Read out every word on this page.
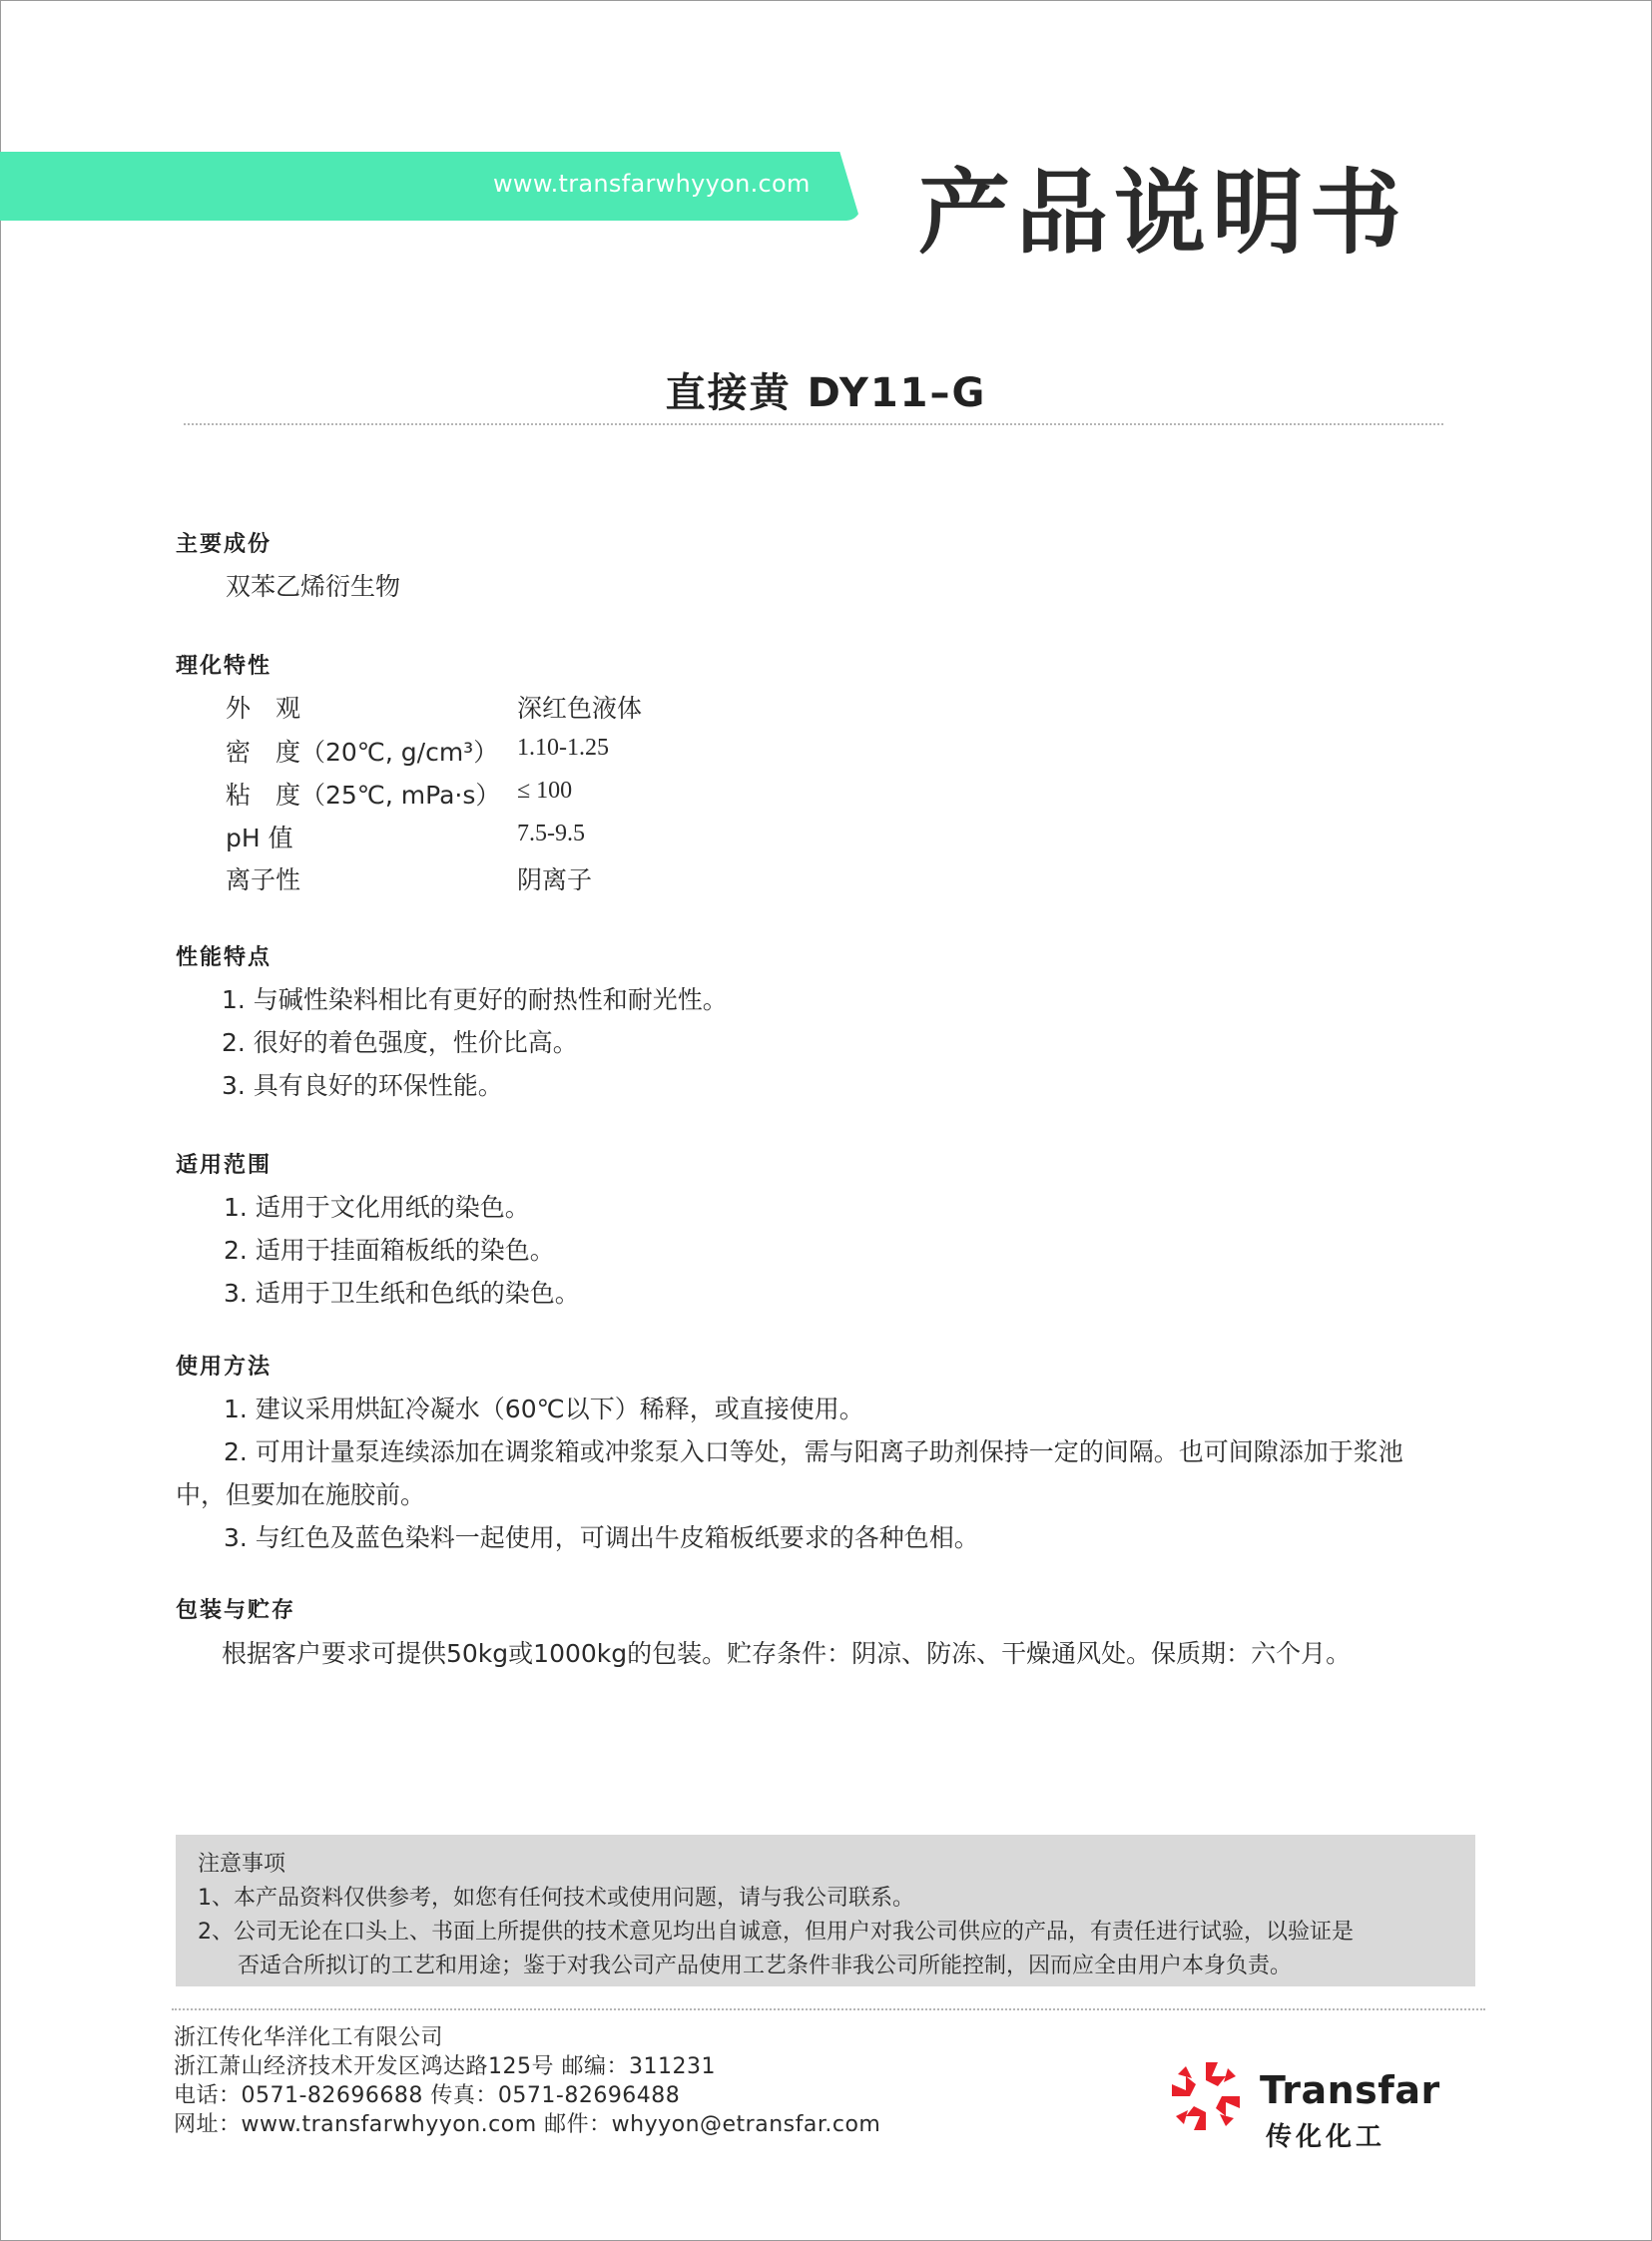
www.transfarwhyyon.com 产品说明书
直接黄 DY11–G
主要成份
双苯乙烯衍生物
理化特性
外　观	深红色液体
密　度（20℃, g/cm³） 1.10-1.25
粘　度（25℃, mPa·s） ≤ 100
pH 值	7.5-9.5
离子性	阴离子
性能特点
1. 与碱性染料相比有更好的耐热性和耐光性。
2. 很好的着色强度，性价比高。
3. 具有良好的环保性能。
适用范围
1. 适用于文化用纸的染色。
2. 适用于挂面箱板纸的染色。
3. 适用于卫生纸和色纸的染色。
使用方法
1. 建议采用烘缸冷凝水（60℃以下）稀释，或直接使用。
2. 可用计量泵连续添加在调浆箱或冲浆泵入口等处，需与阳离子助剂保持一定的间隔。也可间隙添加于浆池
中，但要加在施胶前。
3. 与红色及蓝色染料一起使用，可调出牛皮箱板纸要求的各种色相。
包装与贮存
根据客户要求可提供50kg或1000kg的包装。贮存条件：阴凉、防冻、干燥通风处。保质期：六个月。
注意事项
1、本产品资料仅供参考，如您有任何技术或使用问题，请与我公司联系。
2、公司无论在口头上、书面上所提供的技术意见均出自诚意，但用户对我公司供应的产品，有责任进行试验，以验证是
否适合所拟订的工艺和用途；鉴于对我公司产品使用工艺条件非我公司所能控制，因而应全由用户本身负责。
浙江传化华洋化工有限公司
浙江萧山经济技术开发区鸿达路125号 邮编：311231
电话：0571-82696688 传真：0571-82696488
网址：www.transfarwhyyon.com 邮件：whyyon@etransfar.com
Transfar
传化化工
